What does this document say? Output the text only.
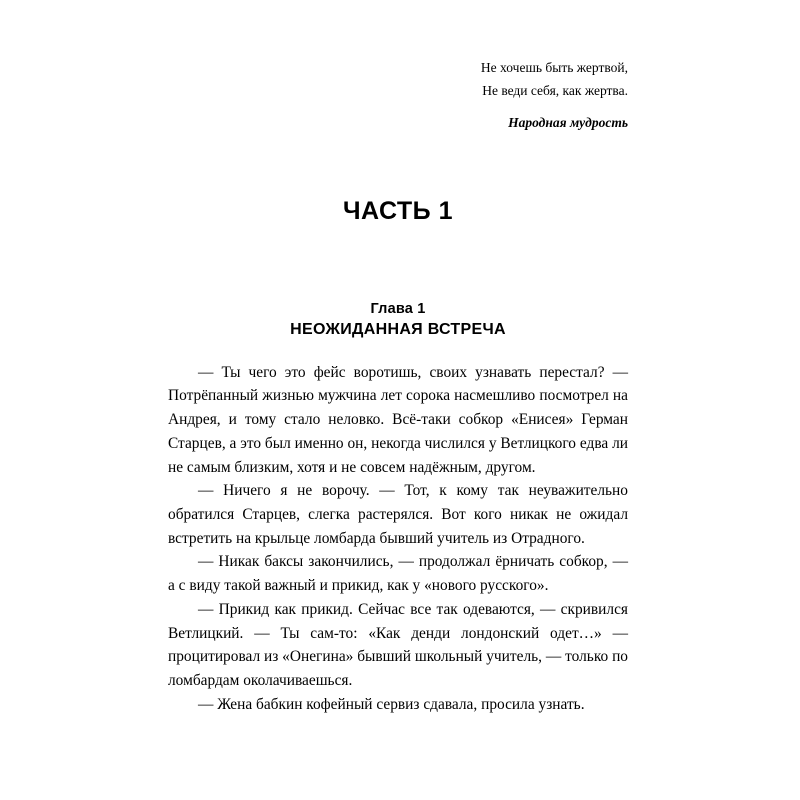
Не хочешь быть жертвой,
Не веди себя, как жертва.
Народная мудрость
ЧАСТЬ 1
Глава 1
НЕОЖИДАННАЯ ВСТРЕЧА

— Ты чего это фейс воротишь, своих узнавать перестал? — Потрёпанный жизнью мужчина лет сорока насмешливо посмотрел на Андрея, и тому стало неловко. Всё-таки собкор «Енисея» Герман Старцев, а это был именно он, некогда числился у Ветлицкого едва ли не самым близким, хотя и не совсем надёжным, другом.

— Ничего я не ворочу. — Тот, к кому так неуважительно обратился Старцев, слегка растерялся. Вот кого никак не ожидал встретить на крыльце ломбарда бывший учитель из Отрадного.

— Никак баксы закончились, — продолжал ёрничать собкор, — а с виду такой важный и прикид, как у «нового русского».

— Прикид как прикид. Сейчас все так одеваются, — скривился Ветлицкий. — Ты сам-то: «Как денди лондонский одет…» — процитировал из «Онегина» бывший школьный учитель, — только по ломбардам околачиваешься.

— Жена бабкин кофейный сервиз сдавала, просила узнать.
